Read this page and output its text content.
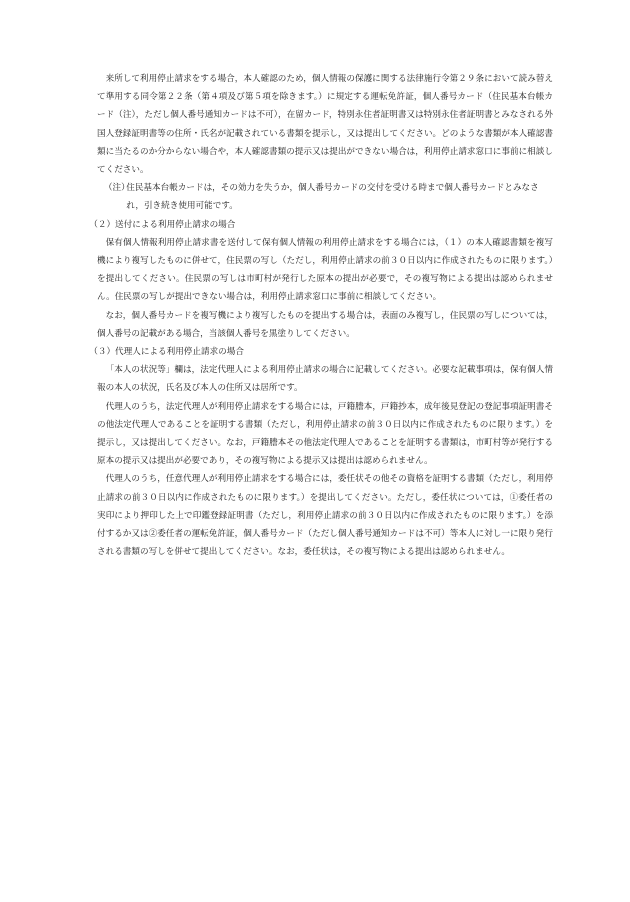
来所して利用停止請求をする場合，本人確認のため，個人情報の保護に関する法律施行令第２９条において読み替えて準用する同令第２２条（第４項及び第５項を除きます。）に規定する運転免許証，個人番号カード（住民基本台帳カード（注），ただし個人番号通知カードは不可），在留カード，特別永住者証明書又は特別永住者証明書とみなされる外国人登録証明書等の住所・氏名が記載されている書類を提示し，又は提出してください。どのような書類が本人確認書類に当たるのか分からない場合や，本人確認書類の提示又は提出ができない場合は，利用停止請求窓口に事前に相談してください。

（注）住民基本台帳カードは，その効力を失うか，個人番号カードの交付を受ける時まで個人番号カードとみなされ，引き続き使用可能です。

（２）送付による利用停止請求の場合

保有個人情報利用停止請求書を送付して保有個人情報の利用停止請求をする場合には，（１）の本人確認書類を複写機により複写したものに併せて，住民票の写し（ただし，利用停止請求の前３０日以内に作成されたものに限ります。）を提出してください。住民票の写しは市町村が発行した原本の提出が必要で，その複写物による提出は認められません。住民票の写しが提出できない場合は，利用停止請求窓口に事前に相談してください。

なお，個人番号カードを複写機により複写したものを提出する場合は，表面のみ複写し，住民票の写しについては，個人番号の記載がある場合，当該個人番号を黒塗りしてください。

（３）代理人による利用停止請求の場合

「本人の状況等」欄は，法定代理人による利用停止請求の場合に記載してください。必要な記載事項は，保有個人情報の本人の状況，氏名及び本人の住所又は居所です。

代理人のうち，法定代理人が利用停止請求をする場合には，戸籍謄本，戸籍抄本，成年後見登記の登記事項証明書その他法定代理人であることを証明する書類（ただし，利用停止請求の前３０日以内に作成されたものに限ります。）を提示し，又は提出してください。なお，戸籍謄本その他法定代理人であることを証明する書類は，市町村等が発行する原本の提示又は提出が必要であり，その複写物による提示又は提出は認められません。

代理人のうち，任意代理人が利用停止請求をする場合には，委任状その他その資格を証明する書類（ただし，利用停止請求の前３０日以内に作成されたものに限ります。）を提出してください。ただし，委任状については，①委任者の実印により押印した上で印鑑登録証明書（ただし，利用停止請求の前３０日以内に作成されたものに限ります。）を添付するか又は②委任者の運転免許証，個人番号カード（ただし個人番号通知カードは不可）等本人に対し一に限り発行される書類の写しを併せて提出してください。なお，委任状は，その複写物による提出は認められません。
